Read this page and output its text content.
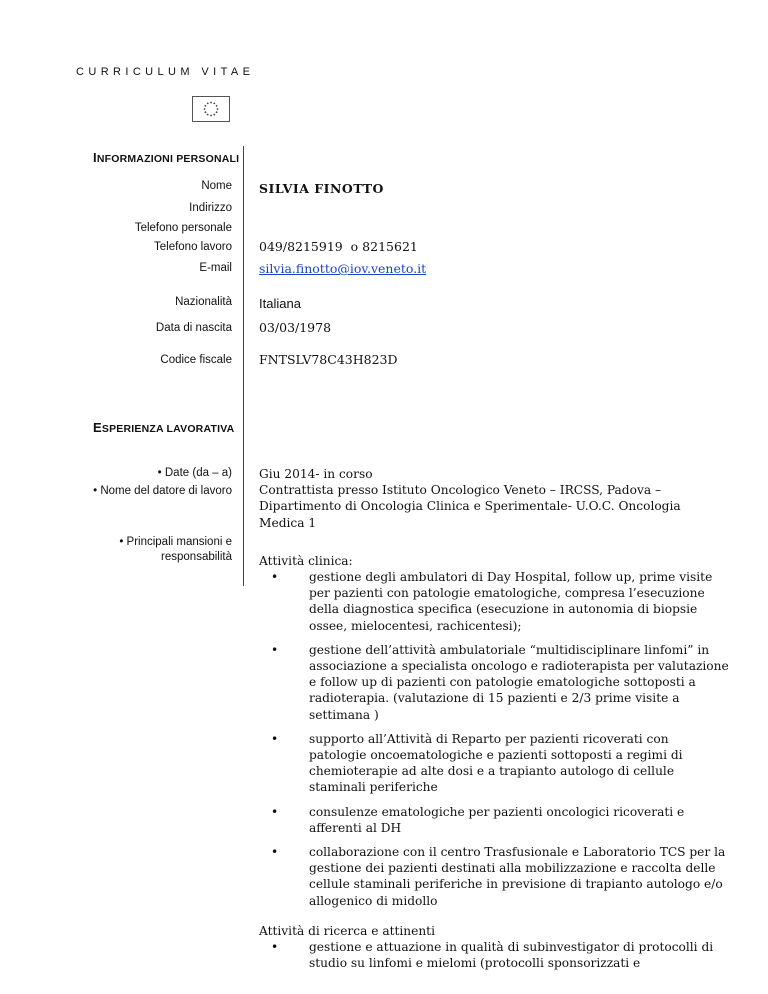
CURRICULUM VITAE
INFORMAZIONI PERSONALI
Nome SILVIA FINOTTO
Indirizzo
Telefono personale
Telefono lavoro 049/8215919  o 8215621
E-mail silvia.finotto@iov.veneto.it
Nazionalità Italiana
Data di nascita 03/03/1978
Codice fiscale FNTSLV78C43H823D
ESPERIENZA LAVORATIVA
• Date (da – a)
• Nome del datore di lavoro
• Principali mansioni e
responsabilità

Giu 2014- in corso

Contrattista presso Istituto Oncologico Veneto – IRCSS, Padova – Dipartimento di Oncologia Clinica e Sperimentale- U.O.C. Oncologia Medica 1

Attività clinica:

• gestione degli ambulatori di Day Hospital, follow up, prime visite per pazienti con patologie ematologiche, compresa l’esecuzione della diagnostica specifica (esecuzione in autonomia di biopsie ossee, mielocentesi, rachicentesi);
• gestione dell’attività ambulatoriale “multidisciplinare linfomi” in associazione a specialista oncologo e radioterapista per valutazione e follow up di pazienti con patologie ematologiche sottoposti a radioterapia. (valutazione di 15 pazienti e 2/3 prime visite a settimana )
• supporto all’Attività di Reparto per pazienti ricoverati con patologie oncoematologiche e pazienti sottoposti a regimi di chemioterapie ad alte dosi e a trapianto autologo di cellule staminali periferiche
• consulenze ematologiche per pazienti oncologici ricoverati e afferenti al DH
• collaborazione con il centro Trasfusionale e Laboratorio TCS per la gestione dei pazienti destinati alla mobilizzazione e raccolta delle cellule staminali periferiche in previsione di trapianto autologo e/o allogenico di midollo

Attività di ricerca e attinenti

• gestione e attuazione in qualità di subinvestigator di protocolli di studio su linfomi e mielomi (protocolli sponsorizzati e
